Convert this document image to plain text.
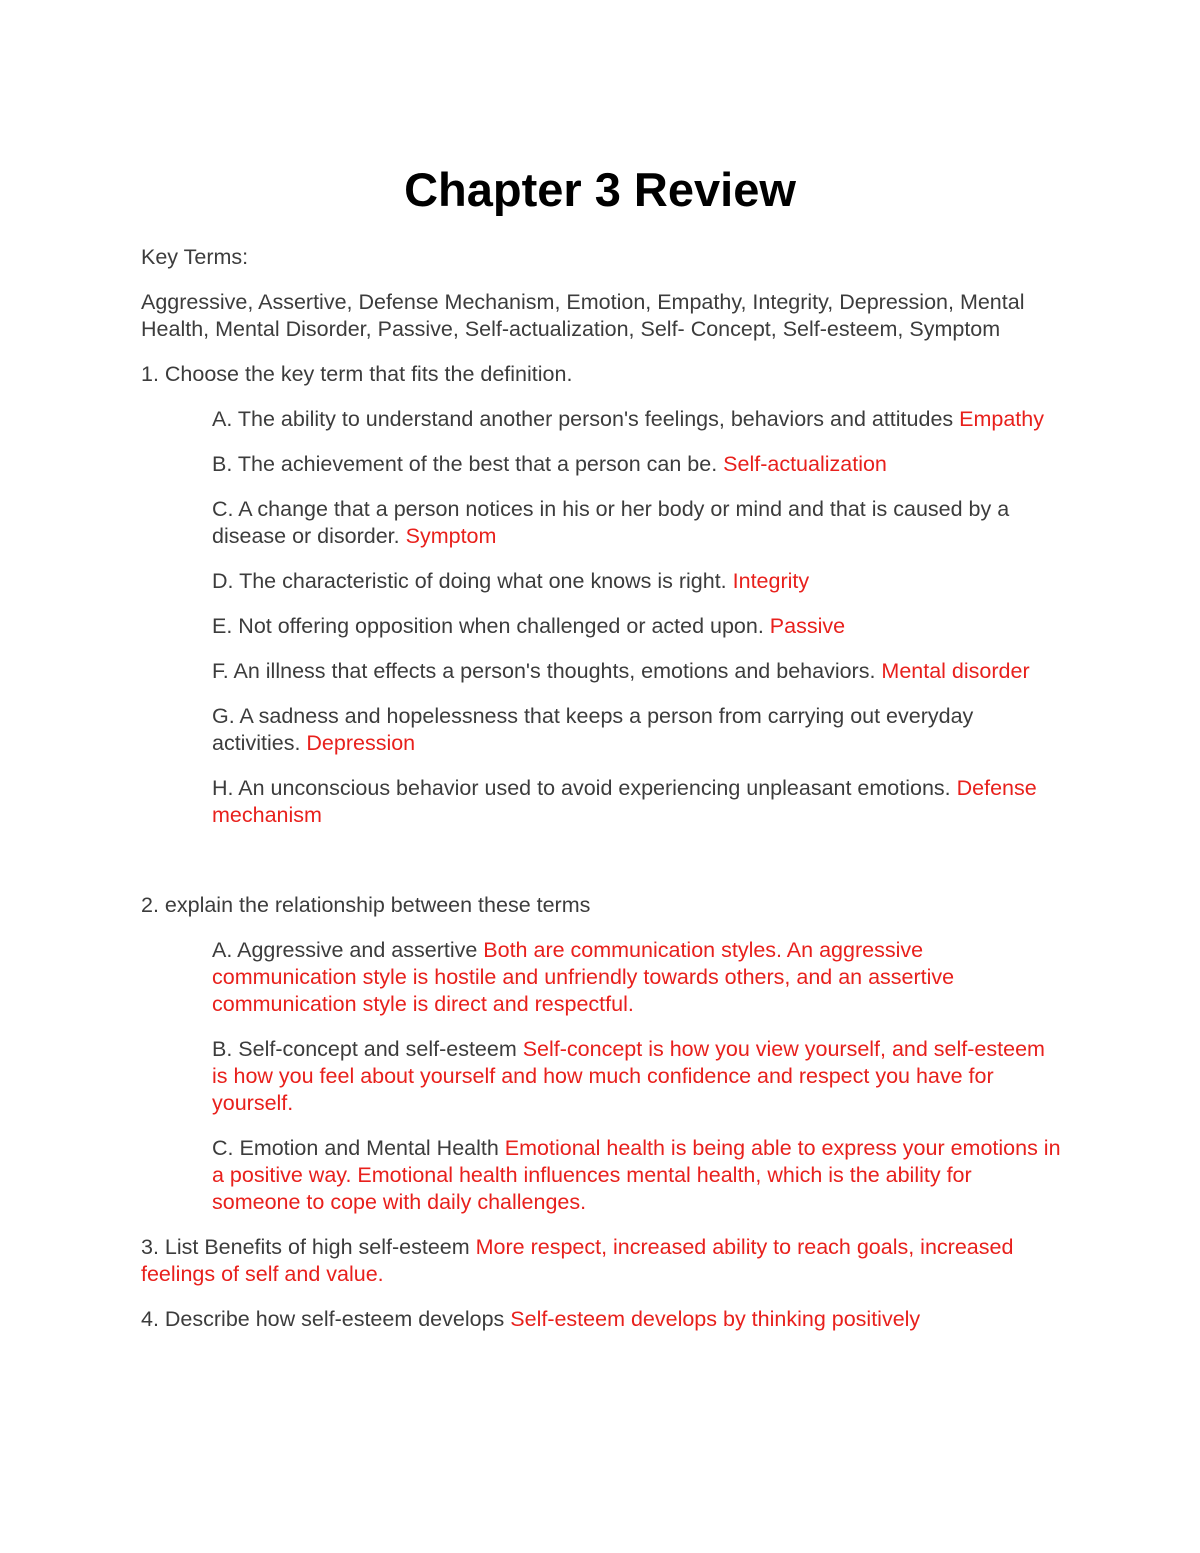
Chapter 3 Review

Key Terms:

Aggressive, Assertive, Defense Mechanism, Emotion, Empathy, Integrity, Depression, Mental Health, Mental Disorder, Passive, Self-actualization, Self- Concept, Self-esteem, Symptom

1. Choose the key term that fits the definition.

A. The ability to understand another person's feelings, behaviors and attitudes Empathy

B. The achievement of the best that a person can be. Self-actualization

C. A change that a person notices in his or her body or mind and that is caused by a disease or disorder. Symptom

D. The characteristic of doing what one knows is right. Integrity

E. Not offering opposition when challenged or acted upon. Passive

F. An illness that effects a person's thoughts, emotions and behaviors. Mental disorder

G. A sadness and hopelessness that keeps a person from carrying out everyday activities. Depression

H. An unconscious behavior used to avoid experiencing unpleasant emotions. Defense mechanism

2. explain the relationship between these terms

A. Aggressive and assertive Both are communication styles. An aggressive communication style is hostile and unfriendly towards others, and an assertive communication style is direct and respectful.

B. Self-concept and self-esteem Self-concept is how you view yourself, and self-esteem is how you feel about yourself and how much confidence and respect you have for yourself.

C. Emotion and Mental Health Emotional health is being able to express your emotions in a positive way. Emotional health influences mental health, which is the ability for someone to cope with daily challenges.

3. List Benefits of high self-esteem More respect, increased ability to reach goals, increased feelings of self and value.

4. Describe how self-esteem develops Self-esteem develops by thinking positively
